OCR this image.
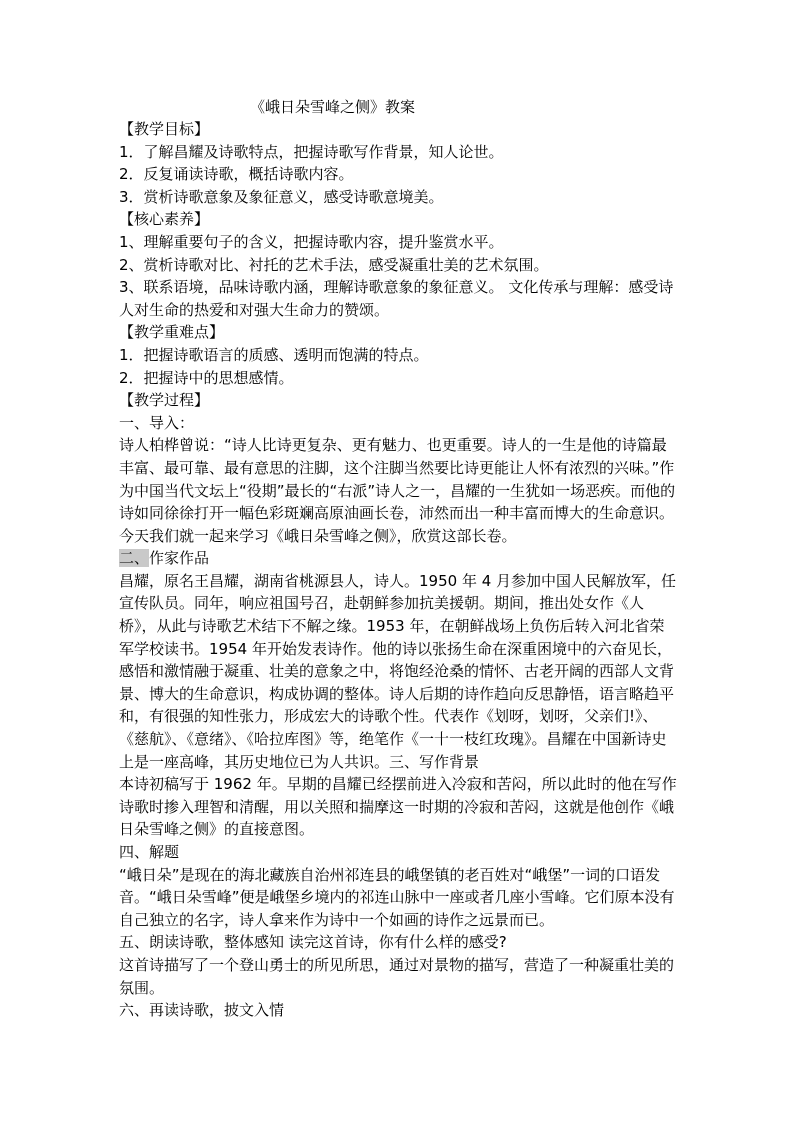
《峨日朵雪峰之侧》教案
【教学目标】
1．了解昌耀及诗歌特点，把握诗歌写作背景，知人论世。
2．反复诵读诗歌，概括诗歌内容。
3．赏析诗歌意象及象征意义，感受诗歌意境美。
【核心素养】
1、理解重要句子的含义，把握诗歌内容，提升鉴赏水平。
2、赏析诗歌对比、衬托的艺术手法，感受凝重壮美的艺术氛围。

3、联系语境，品味诗歌内涵，理解诗歌意象的象征意义。 文化传承与理解：感受诗人对生命的热爱和对强大生命力的赞颂。

【教学重难点】
1．把握诗歌语言的质感、透明而饱满的特点。
2．把握诗中的思想感情。
【教学过程】
一、导入：

诗人柏桦曾说：“诗人比诗更复杂、更有魅力、也更重要。诗人的一生是他的诗篇最丰富、最可靠、最有意思的注脚，这个注脚当然要比诗更能让人怀有浓烈的兴味。”作为中国当代文坛上“役期”最长的“右派”诗人之一，昌耀的一生犹如一场恶疾。而他的诗如同徐徐打开一幅色彩斑斓高原油画长卷，沛然而出一种丰富而博大的生命意识。今天我们就一起来学习《峨日朵雪峰之侧》，欣赏这部长卷。

二、作家作品

昌耀，原名王昌耀，湖南省桃源县人，诗人。1950 年 4 月参加中国人民解放军，任宣传队员。同年，响应祖国号召，赴朝鲜参加抗美援朝。期间，推出处女作《人桥》，从此与诗歌艺术结下不解之缘。1953 年，在朝鲜战场上负伤后转入河北省荣军学校读书。1954 年开始发表诗作。他的诗以张扬生命在深重困境中的六奋见长，感悟和激情融于凝重、壮美的意象之中，将饱经沧桑的情怀、古老开阔的西部人文背景、博大的生命意识，构成协调的整体。诗人后期的诗作趋向反思静悟，语言略趋平和，有很强的知性张力，形成宏大的诗歌个性。代表作《划呀，划呀，父亲们!》、《慈航》、《意绪》、《哈拉库图》等，绝笔作《一十一枝红玫瑰》。昌耀在中国新诗史上是一座高峰，其历史地位已为人共识。三、写作背景

本诗初稿写于 1962 年。早期的昌耀已经摆前进入冷寂和苦闷，所以此时的他在写作诗歌时掺入理智和清醒，用以关照和揣摩这一时期的冷寂和苦闷，这就是他创作《峨日朵雪峰之侧》的直接意图。

四、解题

“峨日朵”是现在的海北藏族自治州祁连县的峨堡镇的老百姓对“峨堡”一词的口语发音。“峨日朵雪峰”便是峨堡乡境内的祁连山脉中一座或者几座小雪峰。它们原本没有自己独立的名字，诗人拿来作为诗中一个如画的诗作之远景而已。

五、朗读诗歌，整体感知 读完这首诗，你有什么样的感受?

这首诗描写了一个登山勇士的所见所思，通过对景物的描写，营造了一种凝重壮美的氛围。

六、再读诗歌，披文入情
